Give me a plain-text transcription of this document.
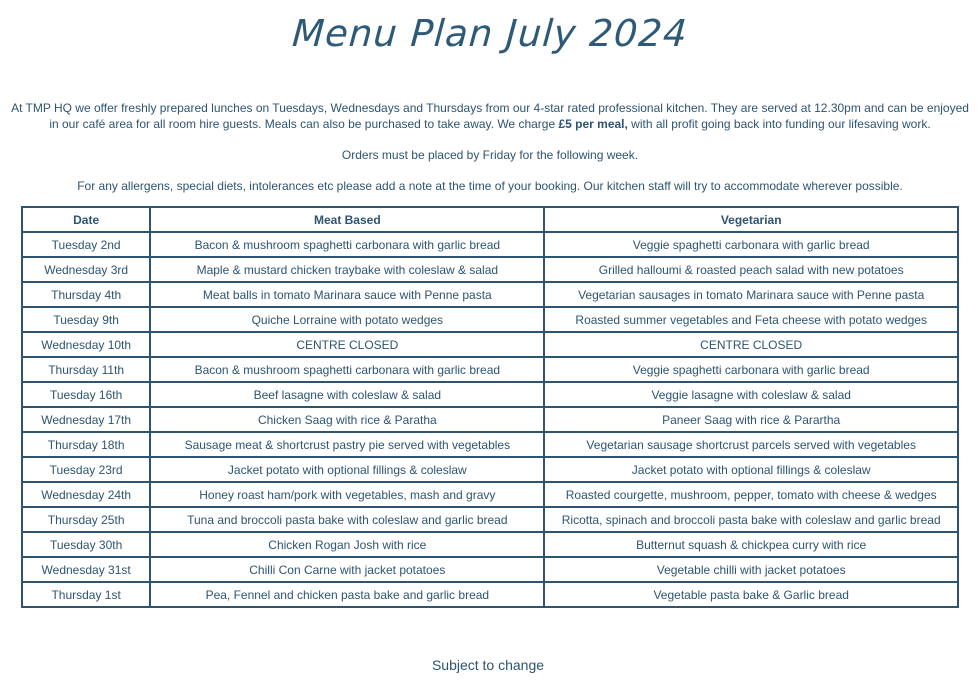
Menu Plan July 2024

At TMP HQ we offer freshly prepared lunches on Tuesdays, Wednesdays and Thursdays from our 4-star rated professional kitchen. They are served at 12.30pm and can be enjoyed in our café area for all room hire guests. Meals can also be purchased to take away. We charge £5 per meal, with all profit going back into funding our lifesaving work.

Orders must be placed by Friday for the following week.

For any allergens, special diets, intolerances etc please add a note at the time of your booking. Our kitchen staff will try to accommodate wherever possible.

Date	Meat Based	Vegetarian
Tuesday 2nd	Bacon & mushroom spaghetti carbonara with garlic bread	Veggie spaghetti carbonara with garlic bread
Wednesday 3rd	Maple & mustard chicken traybake with coleslaw & salad	Grilled halloumi & roasted peach salad with new potatoes
Thursday 4th	Meat balls in tomato Marinara sauce with Penne pasta	Vegetarian sausages in tomato Marinara sauce with Penne pasta
Tuesday 9th	Quiche Lorraine with potato wedges	Roasted summer vegetables and Feta cheese with potato wedges
Wednesday 10th	CENTRE CLOSED	CENTRE CLOSED
Thursday 11th	Bacon & mushroom spaghetti carbonara with garlic bread	Veggie spaghetti carbonara with garlic bread
Tuesday 16th	Beef lasagne with coleslaw & salad	Veggie lasagne with coleslaw & salad
Wednesday 17th	Chicken Saag with rice & Paratha	Paneer Saag with rice & Parartha
Thursday 18th	Sausage meat & shortcrust pastry pie served with vegetables	Vegetarian sausage shortcrust parcels served with vegetables
Tuesday 23rd	Jacket potato with optional fillings & coleslaw	Jacket potato with optional fillings & coleslaw
Wednesday 24th	Honey roast ham/pork with vegetables, mash and gravy	Roasted courgette, mushroom, pepper, tomato with cheese & wedges
Thursday 25th	Tuna and broccoli pasta bake with coleslaw and garlic bread	Ricotta, spinach and broccoli pasta bake with coleslaw and garlic bread
Tuesday 30th	Chicken Rogan Josh with rice	Butternut squash & chickpea curry with rice
Wednesday 31st	Chilli Con Carne with jacket potatoes	Vegetable chilli with jacket potatoes
Thursday 1st	Pea, Fennel and chicken pasta bake and garlic bread	Vegetable pasta bake & Garlic bread
Subject to change
